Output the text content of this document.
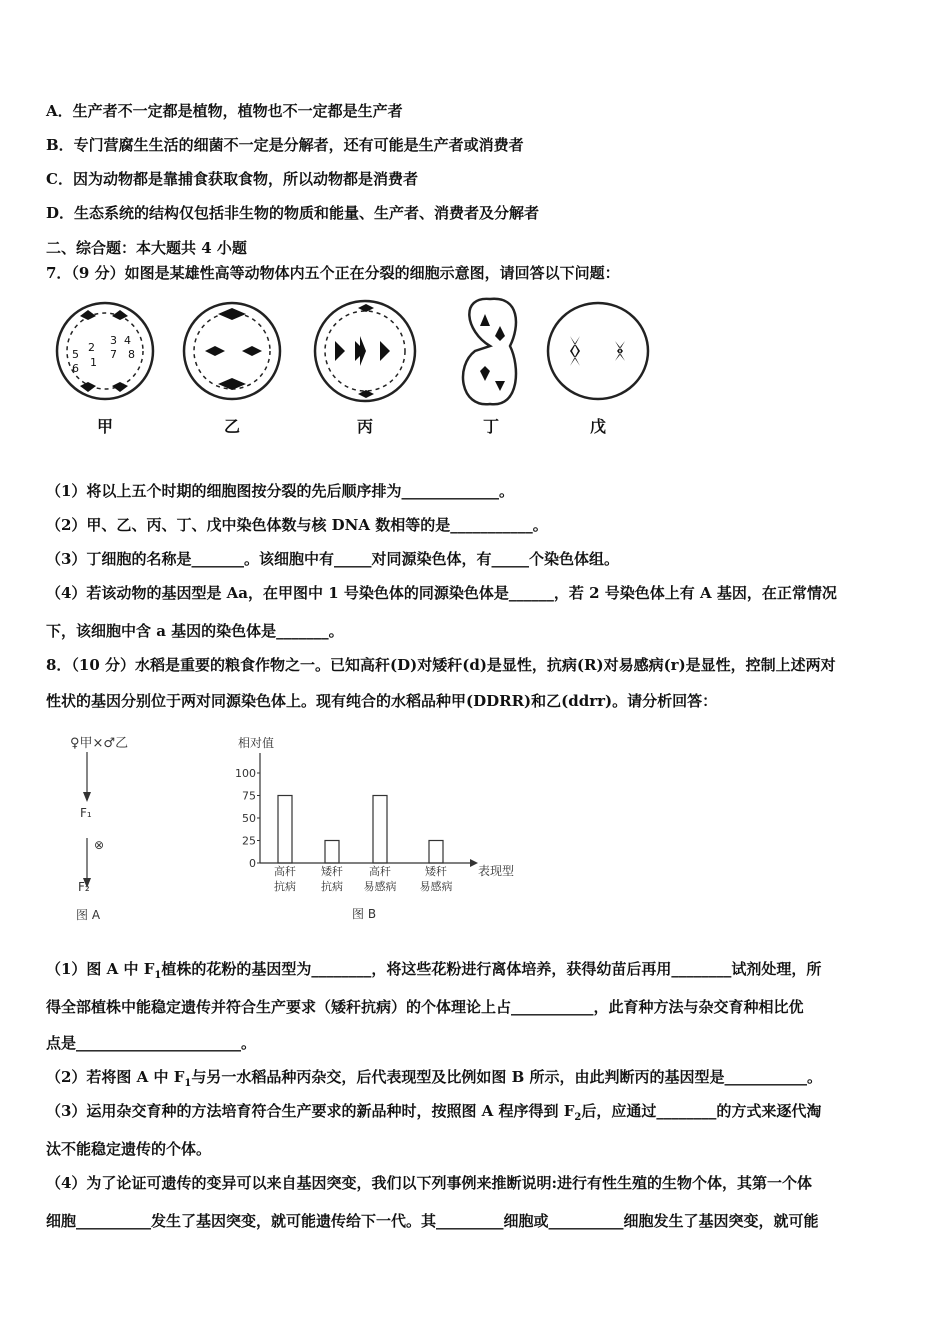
A．生产者不一定都是植物，植物也不一定都是生产者
B．专门营腐生生活的细菌不一定是分解者，还有可能是生产者或消费者
C．因为动物都是靠捕食获取食物，所以动物都是消费者
D．生态系统的结构仅包括非生物的物质和能量、生产者、消费者及分解者
二、综合题：本大题共 4 小题
7．（9 分）如图是某雄性高等动物体内五个正在分裂的细胞示意图，请回答以下问题：
5
2
3 4
6 1
7 8
甲	乙	丙	丁	戊
（1）将以上五个时期的细胞图按分裂的先后顺序排为_____________。
（2）甲、乙、丙、丁、戊中染色体数与核 DNA 数相等的是___________。
（3）丁细胞的名称是_______。该细胞中有_____对同源染色体，有_____个染色体组。
（4）若该动物的基因型是 Aa，在甲图中 1 号染色体的同源染色体是______，若 2 号染色体上有 A 基因，在正常情况
下，该细胞中含 a 基因的染色体是_______。
8．（10 分）水稻是重要的粮食作物之一。已知高秆(D)对矮秆(d)是显性，抗病(R)对易感病(r)是显性，控制上述两对
性状的基因分别位于两对同源染色体上。现有纯合的水稻品种甲(DDRR)和乙(ddrr)。请分析回答：
♀甲×♂乙
F₁
⊗
F₂
图 A
相对值
表现型
100
75
50
25
0
高秆
抗病
矮秆
抗病
高秆
易感病
矮秆
易感病
图 B
（1）图 A 中 $F_1$植株的花粉的基因型为________，将这些花粉进行离体培养，获得幼苗后再用________试剂处理，所
得全部植株中能稳定遗传并符合生产要求（矮秆抗病）的个体理论上占___________，此育种方法与杂交育种相比优
点是______________________。
（2）若将图 A 中 $F_1$与另一水稻品种丙杂交，后代表现型及比例如图 B 所示，由此判断丙的基因型是___________。
（3）运用杂交育种的方法培育符合生产要求的新品种时，按照图 A 程序得到 $F_2$后，应通过________的方式来逐代淘
汰不能稳定遗传的个体。
（4）为了论证可遗传的变异可以来自基因突变，我们以下列事例来推断说明:进行有性生殖的生物个体，其第一个体
细胞__________发生了基因突变，就可能遗传给下一代。其_________细胞或__________细胞发生了基因突变，就可能
